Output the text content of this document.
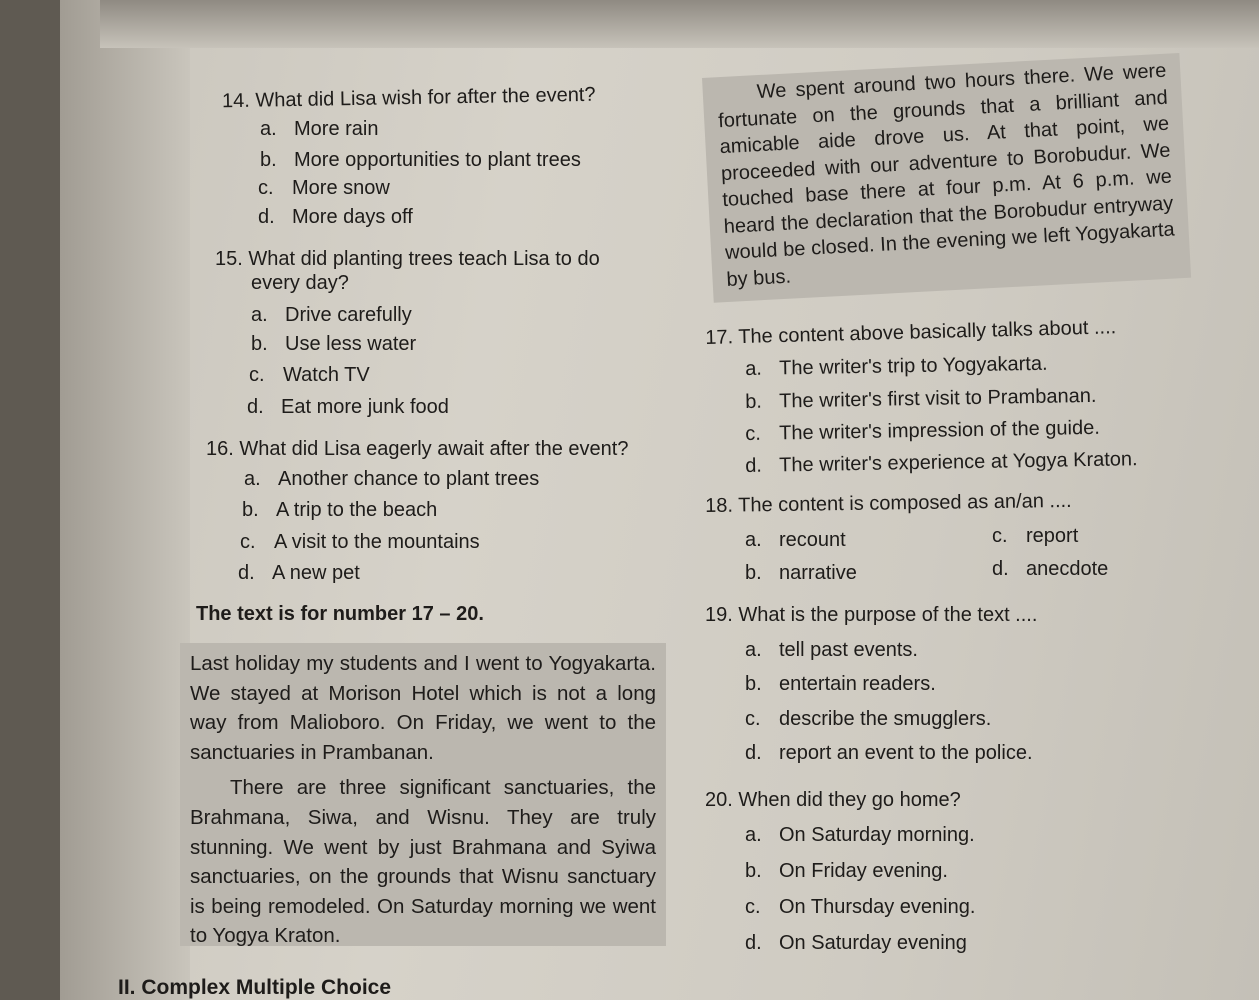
14. What did Lisa wish for after the event?
a. More rain
b. More opportunities to plant trees
c. More snow
d. More days off
15. What did planting trees teach Lisa to do
every day?
a. Drive carefully
b. Use less water
c. Watch TV
d. Eat more junk food
16. What did Lisa eagerly await after the event?
a. Another chance to plant trees
b. A trip to the beach
c. A visit to the mountains
d. A new pet
The text is for number 17 – 20.

Last holiday my students and I went to Yogyakarta. We stayed at Morison Hotel which is not a long way from Malioboro. On Friday, we went to the sanctuaries in Prambanan.

There are three significant sanctuaries, the Brahmana, Siwa, and Wisnu. They are truly stunning. We went by just Brahmana and Syiwa sanctuaries, on the grounds that Wisnu sanctuary is being remodeled. On Saturday morning we went to Yogya Kraton.

We spent around two hours there. We were fortunate on the grounds that a brilliant and amicable aide drove us. At that point, we proceeded with our adventure to Borobudur. We touched base there at four p.m. At 6 p.m. we heard the declaration that the Borobudur entryway would be closed. In the evening we left Yogyakarta by bus.

17. The content above basically talks about ....
a. The writer's trip to Yogyakarta.
b. The writer's first visit to Prambanan.
c. The writer's impression of the guide.
d. The writer's experience at Yogya Kraton.
18. The content is composed as an/an ....
a. recount
b. narrative
c. report
d. anecdote
19. What is the purpose of the text ....
a. tell past events.
b. entertain readers.
c. describe the smugglers.
d. report an event to the police.
20. When did they go home?
a. On Saturday morning.
b. On Friday evening.
c. On Thursday evening.
d. On Saturday evening
II. Complex Multiple Choice
